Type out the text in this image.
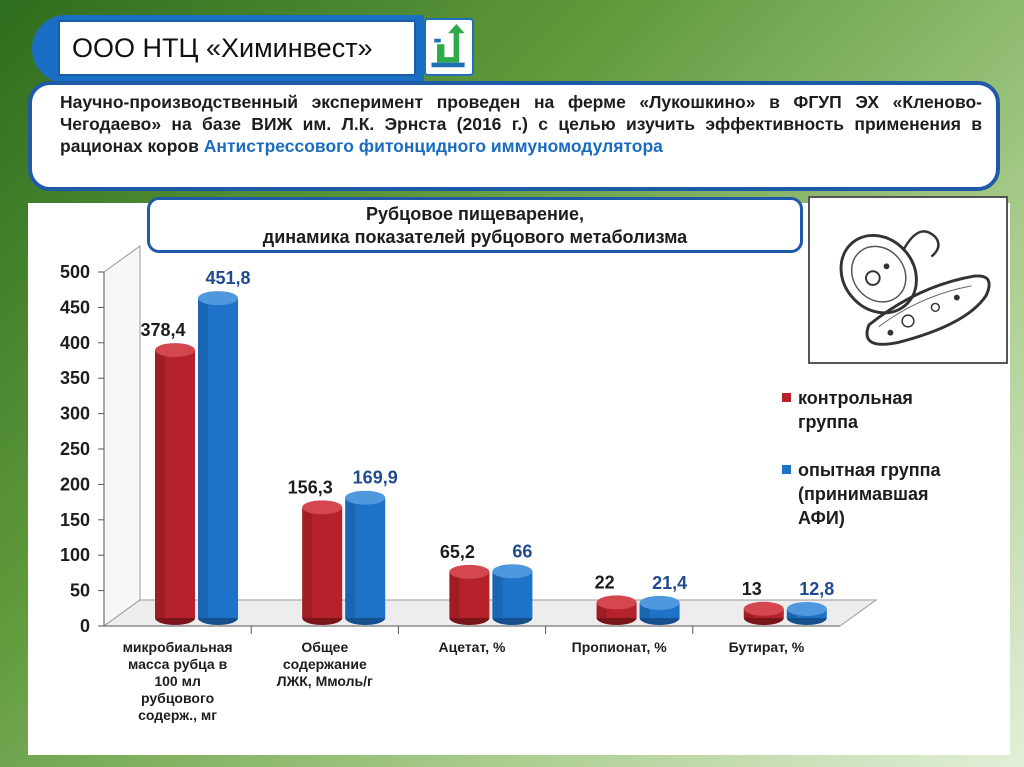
ООО НТЦ «Химинвест»
Научно-производственный эксперимент проведен на ферме «Лукошкино» в ФГУП ЭХ «Кленово-Чегодаево» на базе ВИЖ им. Л.К. Эрнста (2016 г.) с целью изучить эффективность применения в рационах коров Антистрессового фитонцидного иммуномодулятора
Рубцовое пищеварение,
динамика показателей рубцового метаболизма
0
50
100
150
200
250
300
350
400
450
500
378,4
451,8
микробиальная
масса рубца в
100 мл
рубцового
содерж., мг
156,3 169,9
Общее
содержание
ЛЖК, Ммоль/г
65,2 66
Ацетат, %
22 21,4
Пропионат, %
13 12,8
Бутират, %
контрольная
группа
опытная группа
(принимавшая
АФИ)
